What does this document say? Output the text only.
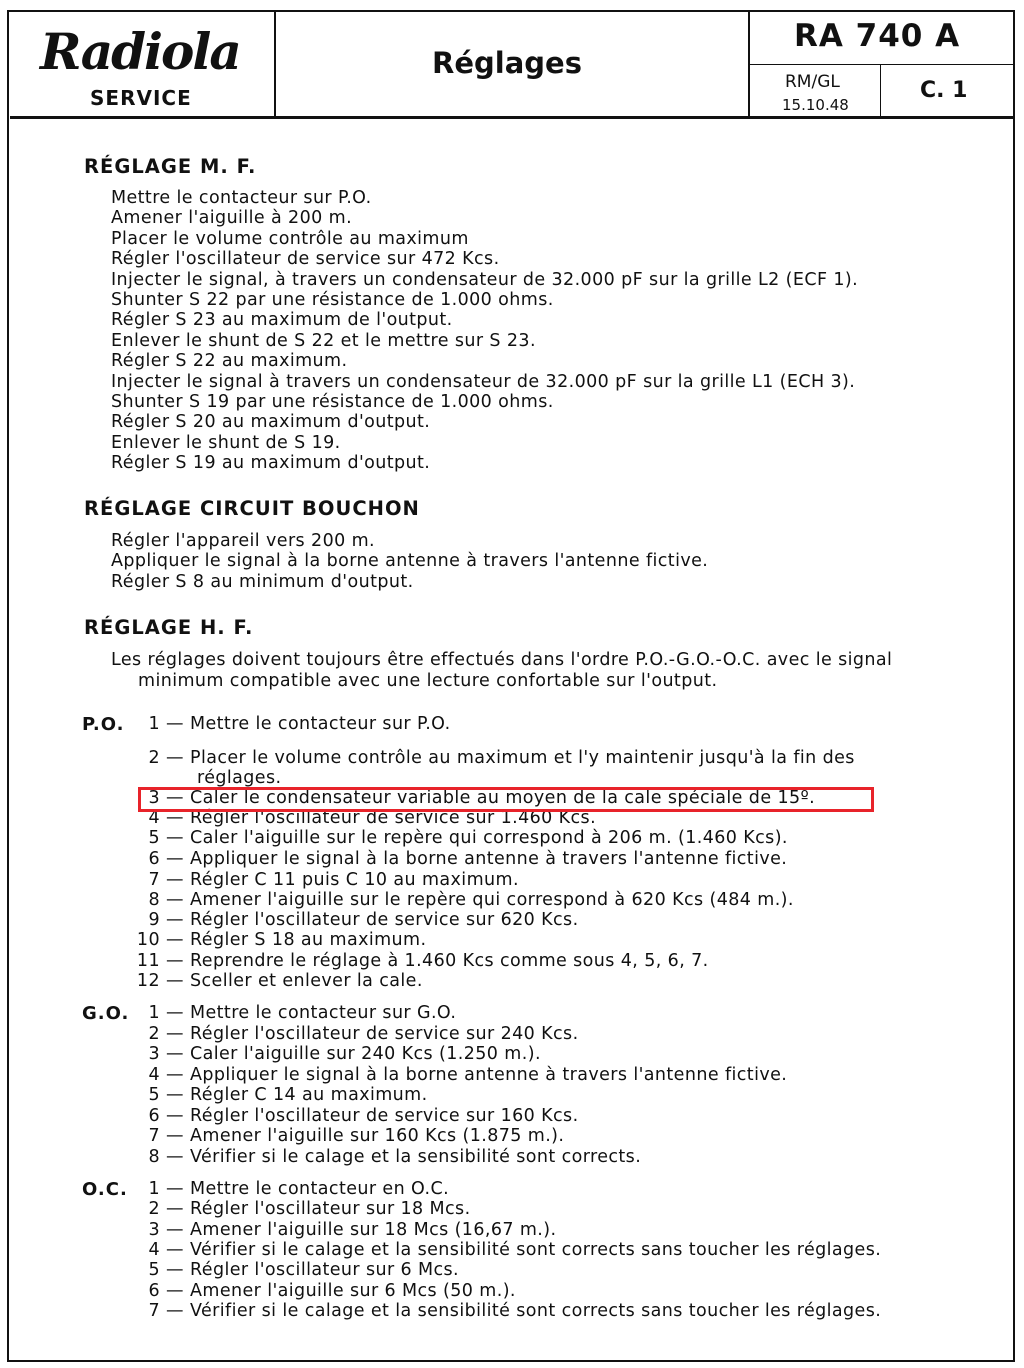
Radiola
SERVICE
Réglages
RA 740 A
RM/GL
15.10.48
C. 1
RÉGLAGE M. F.
Mettre le contacteur sur P.O.
Amener l'aiguille à 200 m.
Placer le volume contrôle au maximum
Régler l'oscillateur de service sur 472 Kcs.
Injecter le signal, à travers un condensateur de 32.000 pF sur la grille L2 (ECF 1).
Shunter S 22 par une résistance de 1.000 ohms.
Régler S 23 au maximum de l'output.
Enlever le shunt de S 22 et le mettre sur S 23.
Régler S 22 au maximum.
Injecter le signal à travers un condensateur de 32.000 pF sur la grille L1 (ECH 3).
Shunter S 19 par une résistance de 1.000 ohms.
Régler S 20 au maximum d'output.
Enlever le shunt de S 19.
Régler S 19 au maximum d'output.
RÉGLAGE CIRCUIT BOUCHON
Régler l'appareil vers 200 m.
Appliquer le signal à la borne antenne à travers l'antenne fictive.
Régler S 8 au minimum d'output.
RÉGLAGE H. F.
Les réglages doivent toujours être effectués dans l'ordre P.O.-G.O.-O.C. avec le signal
minimum compatible avec une lecture confortable sur l'output.
P.O.	1 — Mettre le contacteur sur P.O.
2 — Placer le volume contrôle au maximum et l'y maintenir jusqu'à la fin des
réglages.
3 — Caler le condensateur variable au moyen de la cale spéciale de 15º.
4 — Régler l'oscillateur de service sur 1.460 Kcs.
5 — Caler l'aiguille sur le repère qui correspond à 206 m. (1.460 Kcs).
6 — Appliquer le signal à la borne antenne à travers l'antenne fictive.
7 — Régler C 11 puis C 10 au maximum.
8 — Amener l'aiguille sur le repère qui correspond à 620 Kcs (484 m.).
9 — Régler l'oscillateur de service sur 620 Kcs.
10 — Régler S 18 au maximum.
11 — Reprendre le réglage à 1.460 Kcs comme sous 4, 5, 6, 7.
12 — Sceller et enlever la cale.
G.O.	1 — Mettre le contacteur sur G.O.
2 — Régler l'oscillateur de service sur 240 Kcs.
3 — Caler l'aiguille sur 240 Kcs (1.250 m.).
4 — Appliquer le signal à la borne antenne à travers l'antenne fictive.
5 — Régler C 14 au maximum.
6 — Régler l'oscillateur de service sur 160 Kcs.
7 — Amener l'aiguille sur 160 Kcs (1.875 m.).
8 — Vérifier si le calage et la sensibilité sont corrects.
O.C.	1 — Mettre le contacteur en O.C.
2 — Régler l'oscillateur sur 18 Mcs.
3 — Amener l'aiguille sur 18 Mcs (16,67 m.).
4 — Vérifier si le calage et la sensibilité sont corrects sans toucher les réglages.
5 — Régler l'oscillateur sur 6 Mcs.
6 — Amener l'aiguille sur 6 Mcs (50 m.).
7 — Vérifier si le calage et la sensibilité sont corrects sans toucher les réglages.
